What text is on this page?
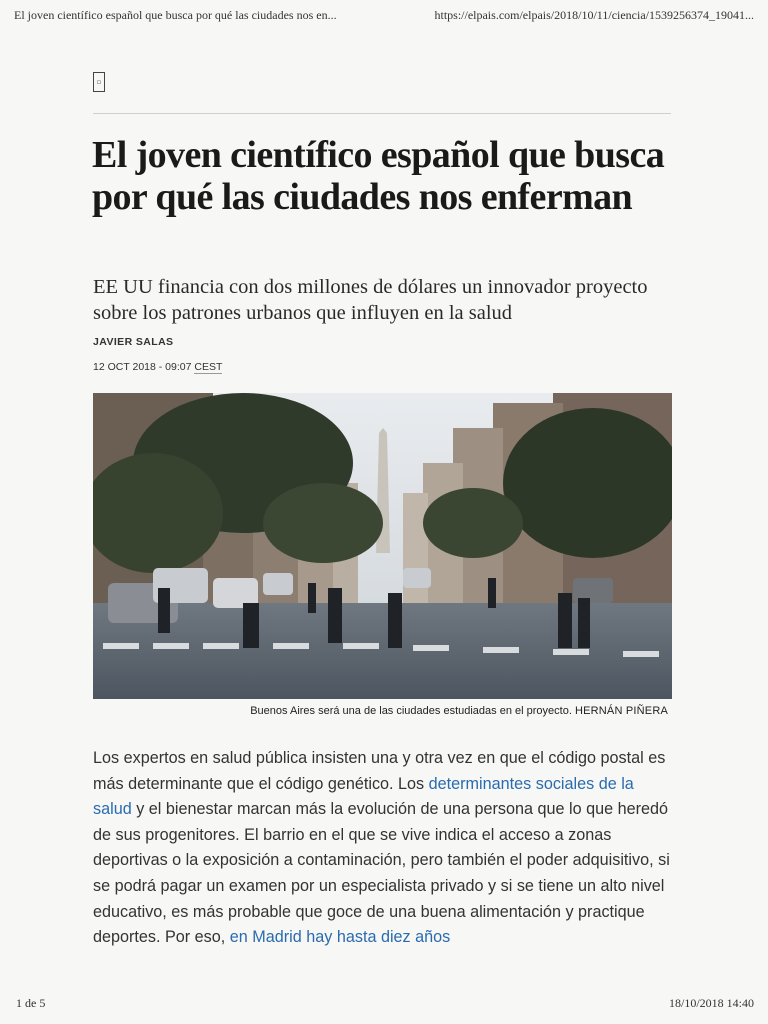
El joven científico español que busca por qué las ciudades nos en...	https://elpais.com/elpais/2018/10/11/ciencia/1539256374_19041...
▫
El joven científico español que busca por qué las ciudades nos enferman

EE UU financia con dos millones de dólares un innovador proyecto sobre los patrones urbanos que influyen en la salud

JAVIER SALAS
12 OCT 2018 - 09:07 CEST
Buenos Aires será una de las ciudades estudiadas en el proyecto. HERNÁN PIÑERA

Los expertos en salud pública insisten una y otra vez en que el código postal es más determinante que el código genético. Los determinantes sociales de la salud y el bienestar marcan más la evolución de una persona que lo que heredó de sus progenitores. El barrio en el que se vive indica el acceso a zonas deportivas o la exposición a contaminación, pero también el poder adquisitivo, si se podrá pagar un examen por un especialista privado y si se tiene un alto nivel educativo, es más probable que goce de una buena alimentación y practique deportes. Por eso, en Madrid hay hasta diez años

1 de 5	18/10/2018 14:40
